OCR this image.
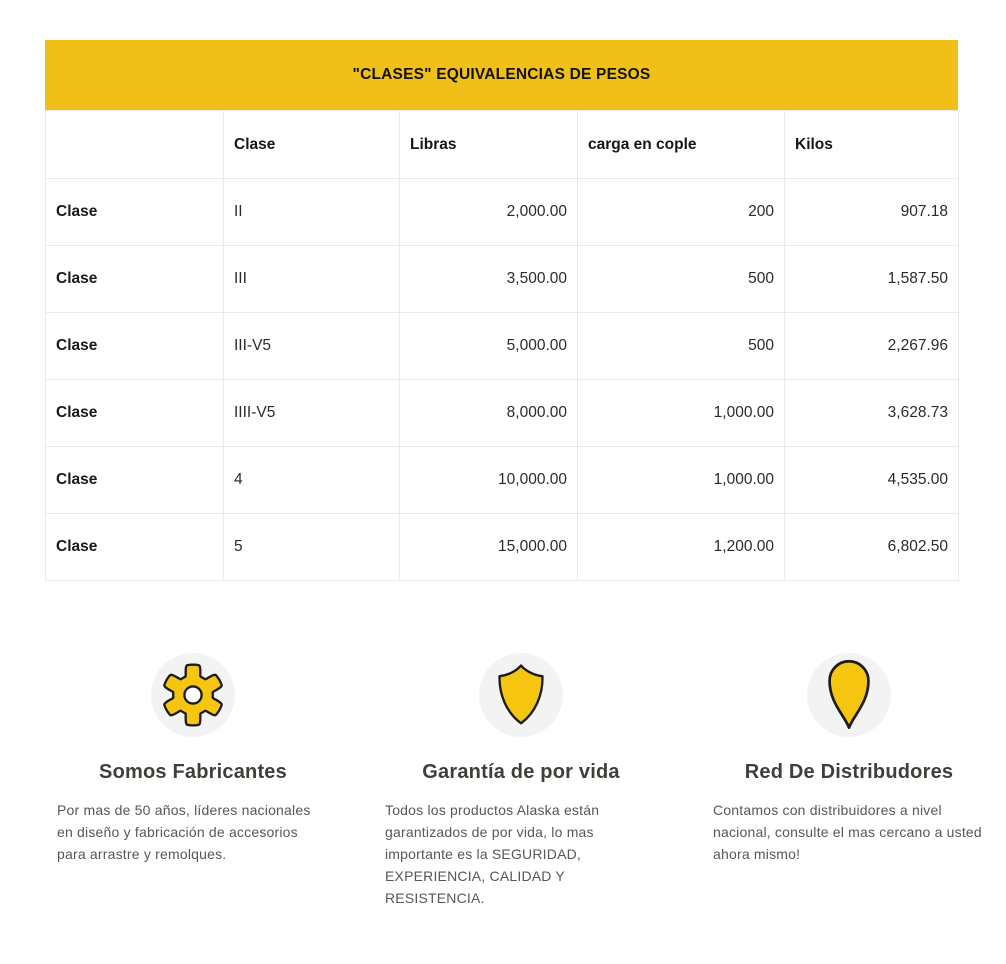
"CLASES" EQUIVALENCIAS DE PESOS
	Clase	Libras	carga en cople	Kilos
Clase	II	2,000.00	200	907.18
Clase	III	3,500.00	500	1,587.50
Clase	III-V5	5,000.00	500	2,267.96
Clase	IIII-V5	8,000.00	1,000.00	3,628.73
Clase	4	10,000.00	1,000.00	4,535.00
Clase	5	15,000.00	1,200.00	6,802.50
Somos Fabricantes

Por mas de 50 años, líderes nacionales en diseño y fabricación de accesorios para arrastre y remolques.

Garantía de por vida

Todos los productos Alaska están garantizados de por vida, lo mas importante es la SEGURIDAD, EXPERIENCIA, CALIDAD Y RESISTENCIA.

Red De Distribudores

Contamos con distribuidores a nivel nacional, consulte el mas cercano a usted ahora mismo!
